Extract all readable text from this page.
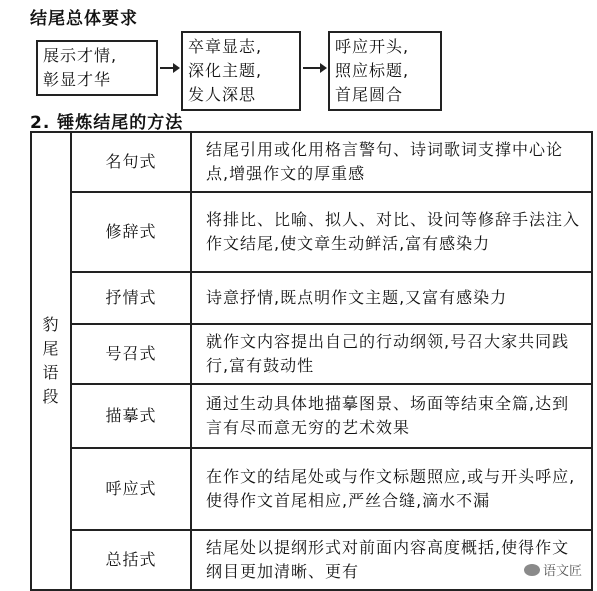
结尾总体要求
展示才情,
彰显才华
卒章显志,
深化主题,
发人深思
呼应开头,
照应标题,
首尾圆合
2. 锤炼结尾的方法
豹尾语段	名句式	结尾引用或化用格言警句、诗词歌词支撑中心论点,增强作文的厚重感
	修辞式	将排比、比喻、拟人、对比、设问等修辞手法注入作文结尾,使文章生动鲜活,富有感染力
	抒情式	诗意抒情,既点明作文主题,又富有感染力
	号召式	就作文内容提出自己的行动纲领,号召大家共同践行,富有鼓动性
	描摹式	通过生动具体地描摹图景、场面等结束全篇,达到言有尽而意无穷的艺术效果
	呼应式	在作文的结尾处或与作文标题照应,或与开头呼应,使得作文首尾相应,严丝合缝,滴水不漏
	总括式	结尾处以提纲形式对前面内容高度概括,使得作文纲目更加清晰、更有	语文匠
